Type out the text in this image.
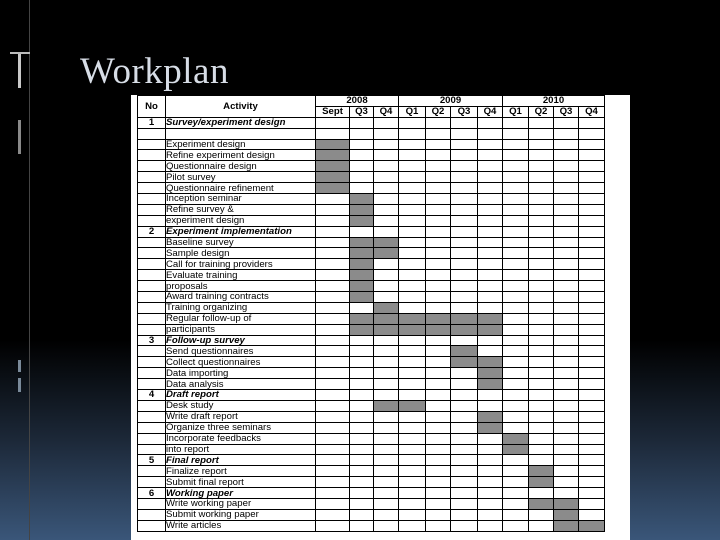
Workplan
No	Activity	2008			2009				2010			
		Sept	Q3	Q4	Q1	Q2	Q3	Q4	Q1	Q2	Q3	Q4
1	Survey/experiment design											

	Experiment design											
	Refine experiment design											
	Questionnaire design											
	Pilot survey											
	Questionnaire refinement											
	Inception seminar											
	Refine survey &											
	experiment design											
2	Experiment implementation											
	Baseline survey											
	Sample design											
	Call for training providers											
	Evaluate training											
	proposals											
	Award training contracts											
	Training organizing											
	Regular follow-up of											
	participants											
3	Follow-up survey											
	Send questionnaires											
	Collect questionnaires											
	Data importing											
	Data analysis											
4	Draft report											
	Desk study											
	Write draft report											
	Organize three seminars											
	Incorporate feedbacks											
	into report											
5	Final report											
	Finalize report											
	Submit final report											
6	Working paper											
	Write working paper											
	Submit working paper											
	Write articles											
